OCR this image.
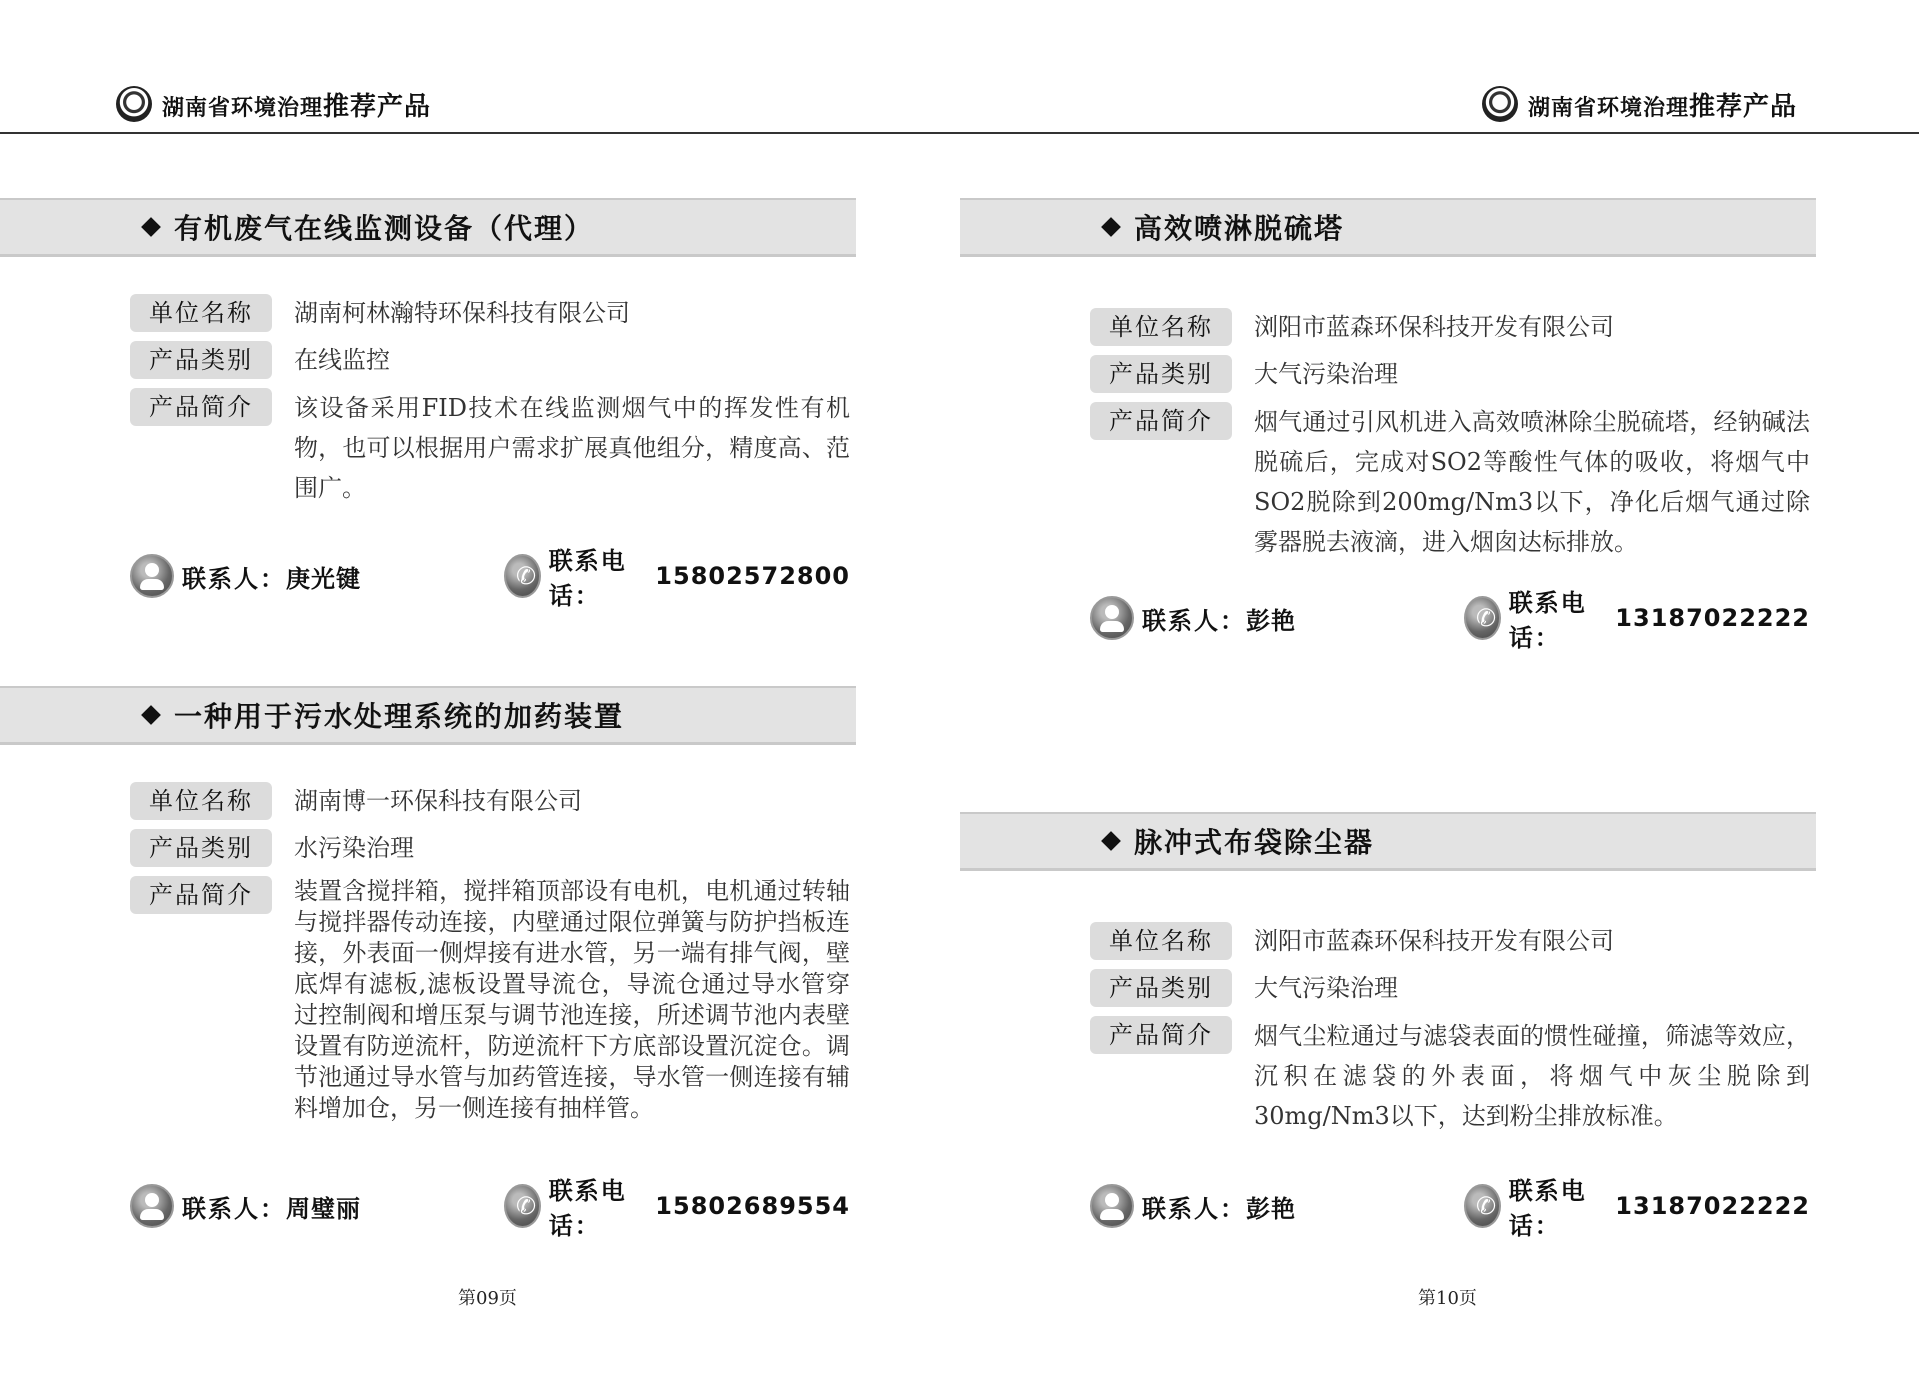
湖南省环境治理推荐产品
有机废气在线监测设备（代理）
单位名称	湖南柯林瀚特环保科技有限公司
产品类别	在线监控
产品简介	该设备采用FID技术在线监测烟气中的挥发性有机物，也可以根据用户需求扩展真他组分，精度高、范围广。
联系人： 庚光键
✆
联系电话：
15802572800
一种用于污水处理系统的加药装置
单位名称	湖南博一环保科技有限公司
产品类别	水污染治理
产品简介	装置含搅拌箱，搅拌箱顶部设有电机，电机通过转轴与搅拌器传动连接，内壁通过限位弹簧与防护挡板连接，外表面一侧焊接有进水管，另一端有排气阀，壁底焊有滤板,滤板设置导流仓，导流仓通过导水管穿过控制阀和增压泵与调节池连接，所述调节池内表壁设置有防逆流杆，防逆流杆下方底部设置沉淀仓。调节池通过导水管与加药管连接，导水管一侧连接有辅料增加仓，另一侧连接有抽样管。
联系人： 周璧丽
✆
联系电话：
15802689554
第09页
湖南省环境治理推荐产品
高效喷淋脱硫塔
单位名称	浏阳市蓝森环保科技开发有限公司
产品类别	大气污染治理
产品简介	烟气通过引风机进入高效喷淋除尘脱硫塔，经钠碱法脱硫后，完成对SO2等酸性气体的吸收，将烟气中SO2脱除到200mg/Nm3以下，净化后烟气通过除雾器脱去液滴，进入烟囱达标排放。
联系人： 彭艳
✆
联系电话：
13187022222
脉冲式布袋除尘器
单位名称	浏阳市蓝森环保科技开发有限公司
产品类别	大气污染治理
产品简介	烟气尘粒通过与滤袋表面的惯性碰撞，筛滤等效应，沉积在滤袋的外表面，将烟气中灰尘脱除到30mg/Nm3以下，达到粉尘排放标准。
联系人： 彭艳
✆
联系电话：
13187022222
第10页
